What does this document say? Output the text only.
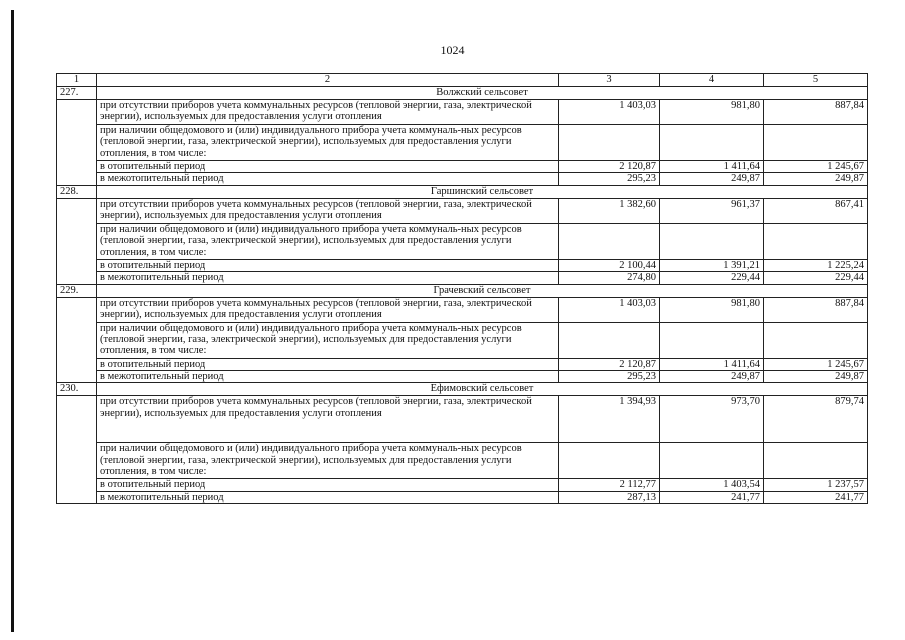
1024
1	2	3	4	5
227.	Волжский сельсовет			
	при отсутствии приборов учета коммунальных ресурсов (тепловой энергии, газа, электрической энергии), используемых для предоставления услуги отопления	1 403,03	981,80	887,84
	при наличии общедомового и (или) индивидуального прибора учета коммуналь-ных ресурсов (тепловой энергии, газа, электрической энергии), используемых для предоставления услуги отопления, в том числе:			
	в отопительный период	2 120,87	1 411,64	1 245,67
	в межотопительный период	295,23	249,87	249,87
228.	Гаршинский сельсовет			
	при отсутствии приборов учета коммунальных ресурсов (тепловой энергии, газа, электрической энергии), используемых для предоставления услуги отопления	1 382,60	961,37	867,41
	при наличии общедомового и (или) индивидуального прибора учета коммуналь-ных ресурсов (тепловой энергии, газа, электрической энергии), используемых для предоставления услуги отопления, в том числе:			
	в отопительный период	2 100,44	1 391,21	1 225,24
	в межотопительный период	274,80	229,44	229,44
229.	Грачевский сельсовет			
	при отсутствии приборов учета коммунальных ресурсов (тепловой энергии, газа, электрической энергии), используемых для предоставления услуги отопления	1 403,03	981,80	887,84
	при наличии общедомового и (или) индивидуального прибора учета коммуналь-ных ресурсов (тепловой энергии, газа, электрической энергии), используемых для предоставления услуги отопления, в том числе:			
	в отопительный период	2 120,87	1 411,64	1 245,67
	в межотопительный период	295,23	249,87	249,87
230.	Ефимовский сельсовет			
	при отсутствии приборов учета коммунальных ресурсов (тепловой энергии, газа, электрической энергии), используемых для предоставления услуги отопления	1 394,93	973,70	879,74
	при наличии общедомового и (или) индивидуального прибора учета коммуналь-ных ресурсов (тепловой энергии, газа, электрической энергии), используемых для предоставления услуги отопления, в том числе:			
	в отопительный период	2 112,77	1 403,54	1 237,57
	в межотопительный период	287,13	241,77	241,77
